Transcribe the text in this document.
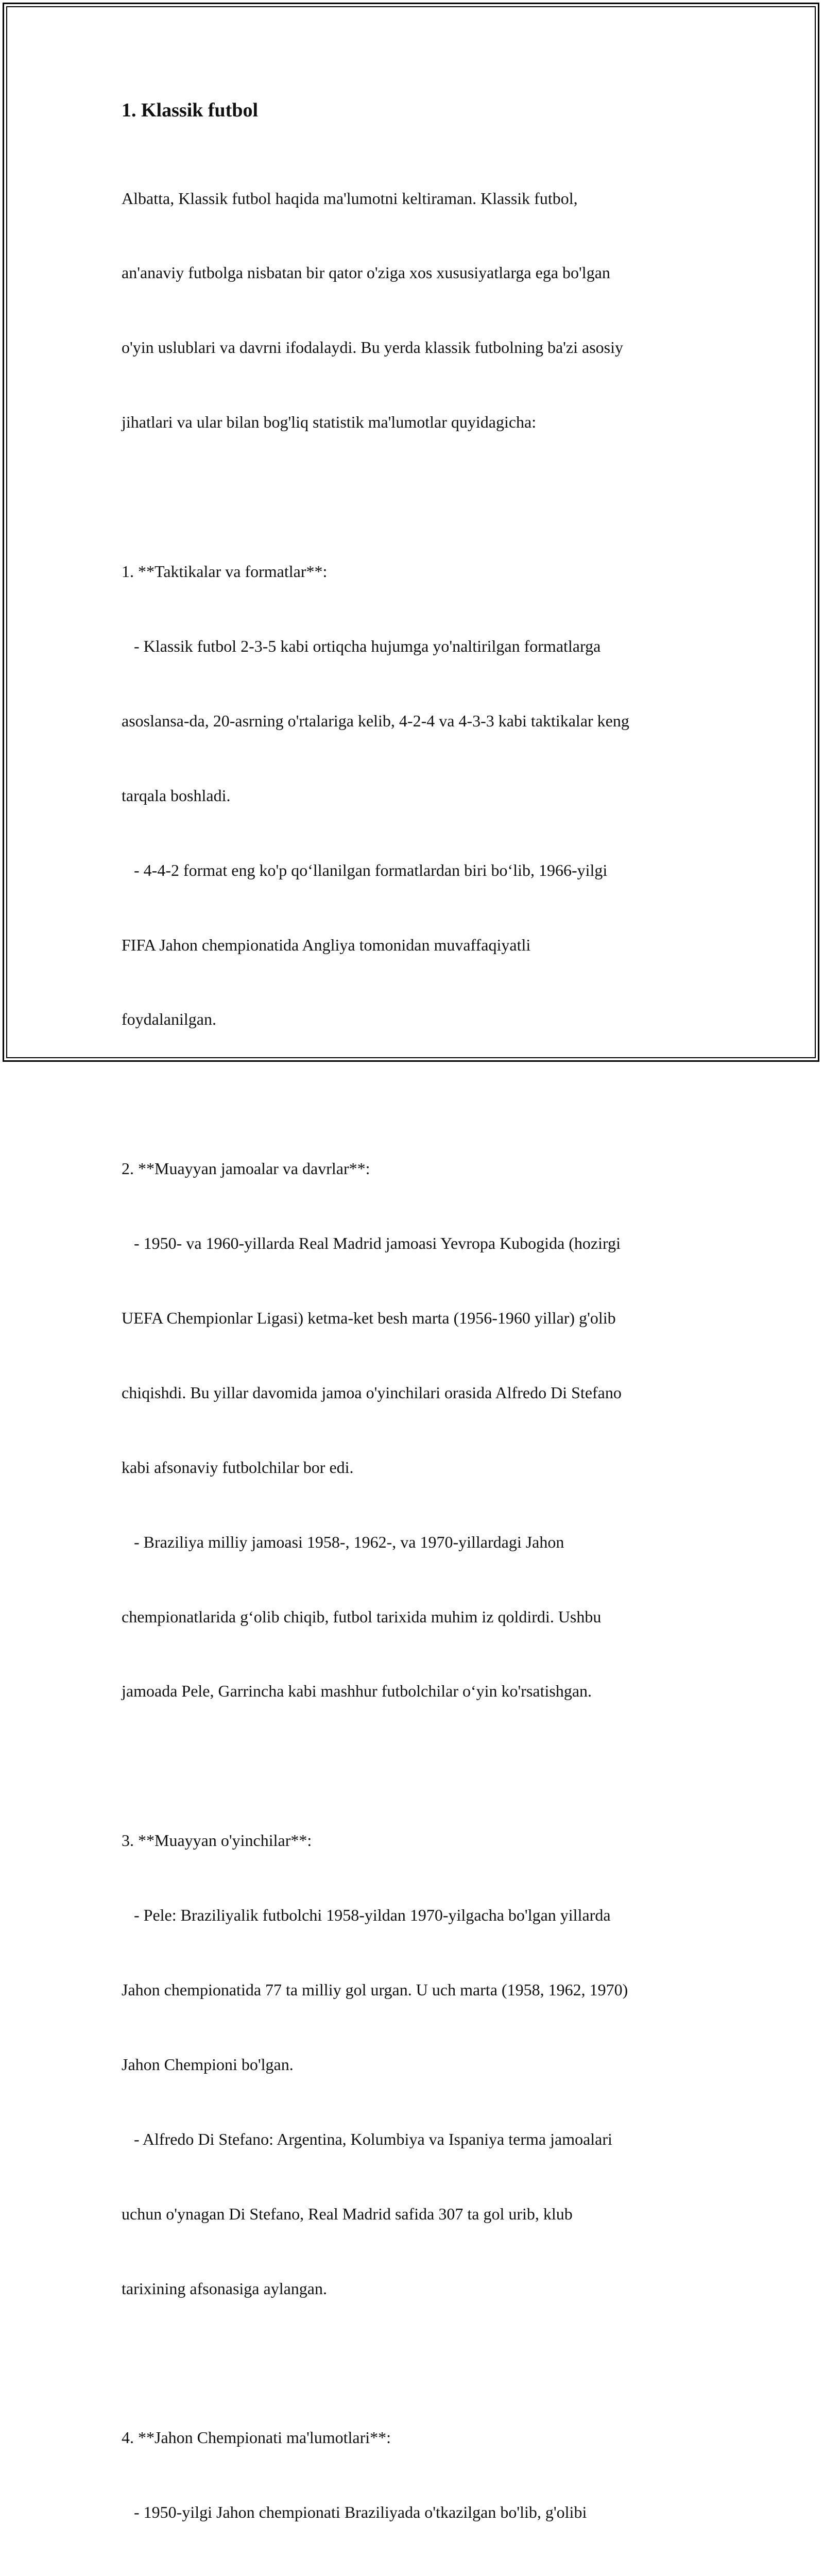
1. Klassik futbol

Albatta, Klassik futbol haqida ma'lumotni keltiraman. Klassik futbol,

an'anaviy futbolga nisbatan bir qator o'ziga xos xususiyatlarga ega bo'lgan

o'yin uslublari va davrni ifodalaydi. Bu yerda klassik futbolning ba'zi asosiy

jihatlari va ular bilan bog'liq statistik ma'lumotlar quyidagicha:

1. **Taktikalar va formatlar**:

- Klassik futbol 2-3-5 kabi ortiqcha hujumga yo'naltirilgan formatlarga

asoslansa-da, 20-asrning o'rtalariga kelib, 4-2-4 va 4-3-3 kabi taktikalar keng

tarqala boshladi.

- 4-4-2 format eng ko'p qo‘llanilgan formatlardan biri bo‘lib, 1966-yilgi

FIFA Jahon chempionatida Angliya tomonidan muvaffaqiyatli

foydalanilgan.

2. **Muayyan jamoalar va davrlar**:

- 1950- va 1960-yillarda Real Madrid jamoasi Yevropa Kubogida (hozirgi

UEFA Chempionlar Ligasi) ketma-ket besh marta (1956-1960 yillar) g'olib

chiqishdi. Bu yillar davomida jamoa o'yinchilari orasida Alfredo Di Stefano

kabi afsonaviy futbolchilar bor edi.

- Braziliya milliy jamoasi 1958-, 1962-, va 1970-yillardagi Jahon

chempionatlarida g‘olib chiqib, futbol tarixida muhim iz qoldirdi. Ushbu

jamoada Pele, Garrincha kabi mashhur futbolchilar o‘yin ko'rsatishgan.

3. **Muayyan o'yinchilar**:

- Pele: Braziliyalik futbolchi 1958-yildan 1970-yilgacha bo'lgan yillarda

Jahon chempionatida 77 ta milliy gol urgan. U uch marta (1958, 1962, 1970)

Jahon Chempioni bo'lgan.

- Alfredo Di Stefano: Argentina, Kolumbiya va Ispaniya terma jamoalari

uchun o'ynagan Di Stefano, Real Madrid safida 307 ta gol urib, klub

tarixining afsonasiga aylangan.

4. **Jahon Chempionati ma'lumotlari**:

- 1950-yilgi Jahon chempionati Braziliyada o'tkazilgan bo'lib, g'olibi
